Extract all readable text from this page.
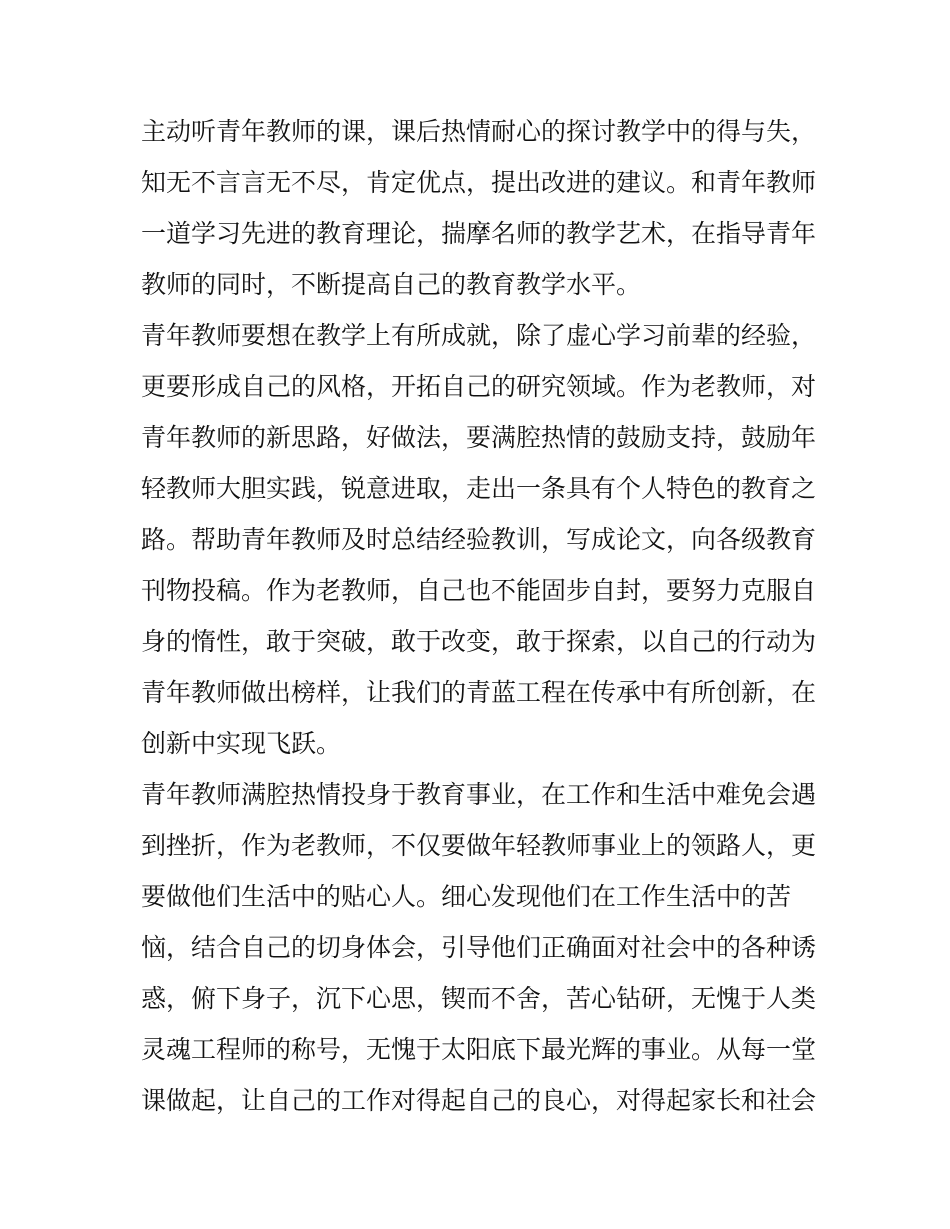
主动听青年教师的课，课后热情耐心的探讨教学中的得与失，
知无不言言无不尽，肯定优点，提出改进的建议。和青年教师
一道学习先进的教育理论，揣摩名师的教学艺术，在指导青年
教师的同时，不断提高自己的教育教学水平。
青年教师要想在教学上有所成就，除了虚心学习前辈的经验，
更要形成自己的风格，开拓自己的研究领域。作为老教师，对
青年教师的新思路，好做法，要满腔热情的鼓励支持，鼓励年
轻教师大胆实践，锐意进取，走出一条具有个人特色的教育之
路。帮助青年教师及时总结经验教训，写成论文，向各级教育
刊物投稿。作为老教师，自己也不能固步自封，要努力克服自
身的惰性，敢于突破，敢于改变，敢于探索，以自己的行动为
青年教师做出榜样，让我们的青蓝工程在传承中有所创新，在
创新中实现飞跃。
青年教师满腔热情投身于教育事业，在工作和生活中难免会遇
到挫折，作为老教师，不仅要做年轻教师事业上的领路人，更
要做他们生活中的贴心人。细心发现他们在工作生活中的苦
恼，结合自己的切身体会，引导他们正确面对社会中的各种诱
惑，俯下身子，沉下心思，锲而不舍，苦心钻研，无愧于人类
灵魂工程师的称号，无愧于太阳底下最光辉的事业。从每一堂
课做起，让自己的工作对得起自己的良心，对得起家长和社会
